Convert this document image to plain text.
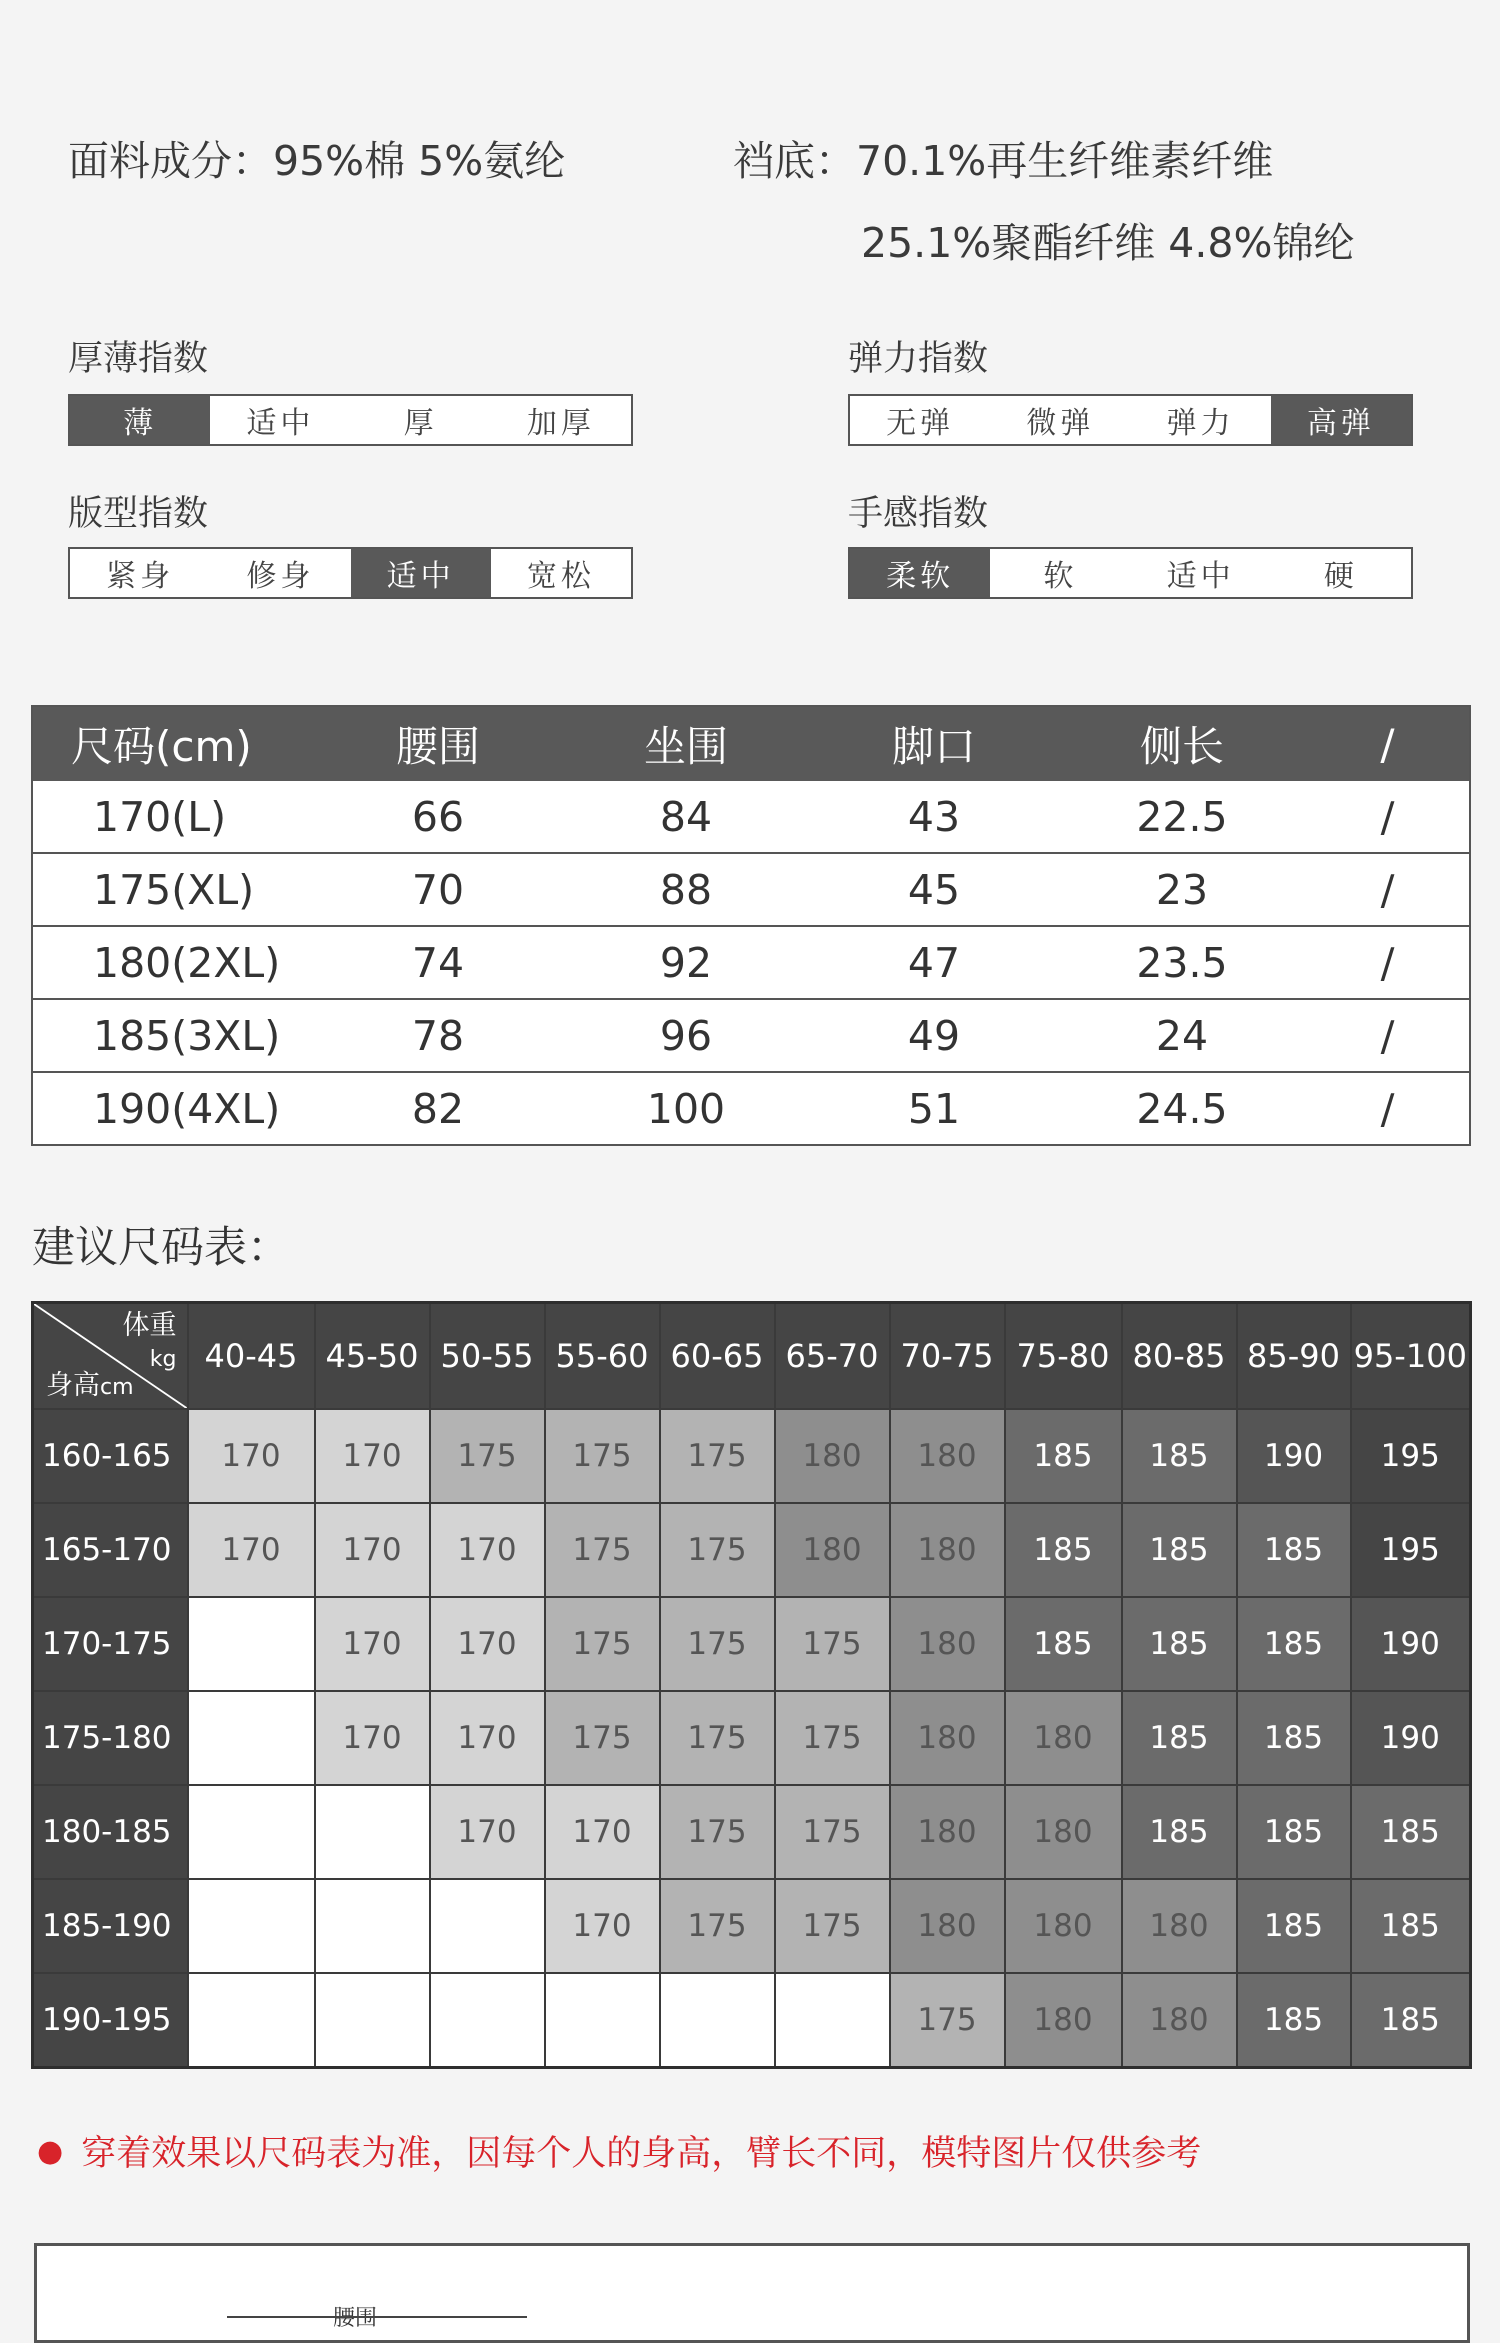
面料成分：95%棉 5%氨纶	裆底：70.1%再生纤维素纤维
25.1%聚酯纤维 4.8%锦纶
厚薄指数
薄	适中	厚	加厚
弹力指数
无弹	微弹	弹力	高弹
版型指数
紧身	修身	适中	宽松
手感指数
柔软	软	适中	硬
尺码(cm)	腰围	坐围	脚口	侧长	/
170(L)	66	84	43	22.5	/
175(XL)	70	88	45	23	/
180(2XL)	74	92	47	23.5	/
185(3XL)	78	96	49	24	/
190(4XL)	82	100	51	24.5	/
建议尺码表：
体重
kg
身高cm	40-45	45-50	50-55	55-60	60-65	65-70	70-75	75-80	80-85	85-90	95-100
160-165	170	170	175	175	175	180	180	185	185	190	195
165-170	170	170	170	175	175	180	180	185	185	185	195
170-175		170	170	175	175	175	180	185	185	185	190
175-180		170	170	175	175	175	180	180	185	185	190
180-185			170	170	175	175	180	180	185	185	185
185-190				170	175	175	180	180	180	185	185
190-195							175	180	180	185	185
● 穿着效果以尺码表为准，因每个人的身高，臂长不同，模特图片仅供参考
腰围
